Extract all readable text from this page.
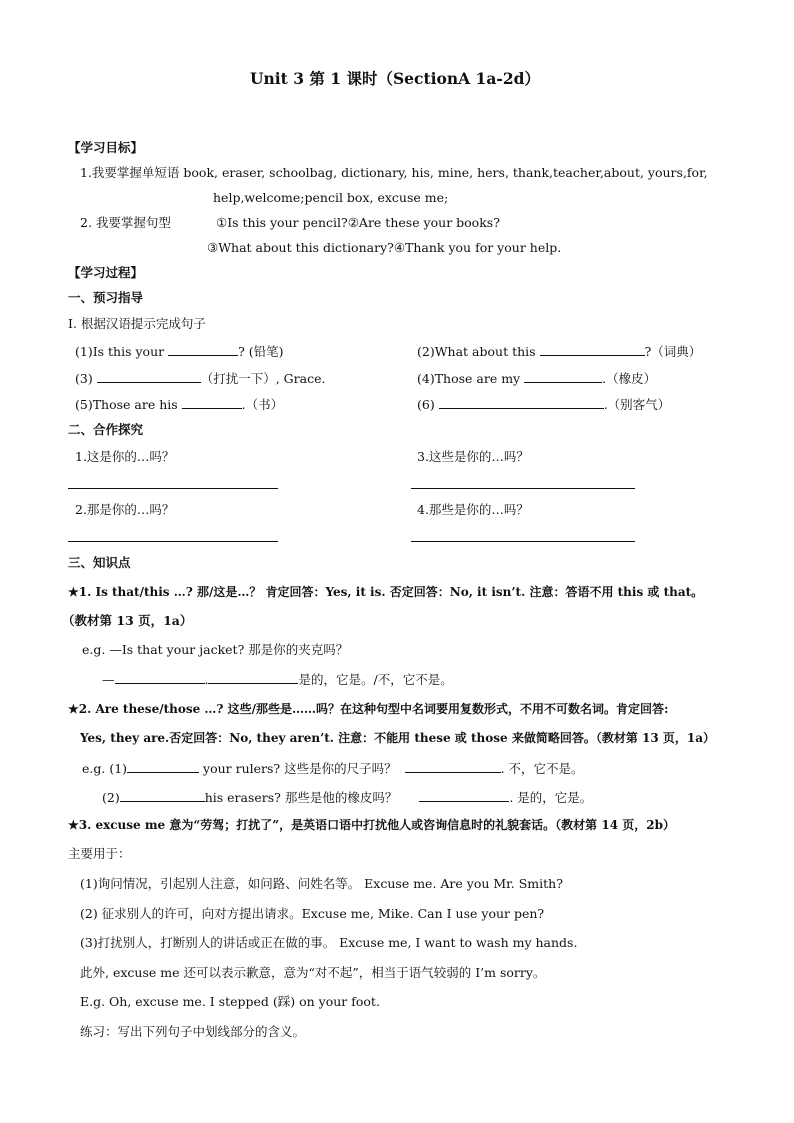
Unit 3 第 1 课时（SectionA 1a-2d）
【学习目标】
1.我要掌握单短语 book, eraser, schoolbag, dictionary, his, mine, hers, thank,teacher,about, yours,for,
help,welcome;pencil box, excuse me;
2. 我要掌握句型	①Is this your pencil?②Are these your books?
③What about this dictionary?④Thank you for your help.
【学习过程】
一、预习指导
I. 根据汉语提示完成句子
(1)Is this your	? (铅笔)	(2)What about this	?（词典）
(3)	（打扰一下）, Grace.	(4)Those are my	.（橡皮）
(5)Those are his	.（书）	(6)	.（别客气）
二、合作探究
1.这是你的…吗？	3.这些是你的…吗？
2.那是你的…吗？	4.那些是你的…吗？
三、知识点
★1. Is that/this …? 那/这是…？ 肯定回答：Yes, it is. 否定回答：No, it isn’t. 注意：答语不用 this 或 that。
（教材第 13 页，1a）
e.g. —Is that your jacket? 那是你的夹克吗？
—	.	是的，它是。/不，它不是。
★2. Are these/those …? 这些/那些是……吗？在这种句型中名词要用复数形式，不用不可数名词。肯定回答:
Yes, they are.否定回答：No, they aren’t. 注意：不能用 these 或 those 来做简略回答。（教材第 13 页，1a）
e.g. (1)	your rulers? 这些是你的尺子吗？	. 不，它不是。
(2)	his erasers? 那些是他的橡皮吗？	. 是的，它是。
★3. excuse me 意为“劳驾；打扰了”，是英语口语中打扰他人或咨询信息时的礼貌套话。（教材第 14 页，2b）
主要用于：
(1)询问情况，引起别人注意，如问路、问姓名等。 Excuse me. Are you Mr. Smith?
(2) 征求别人的许可，向对方提出请求。Excuse me, Mike. Can I use your pen?
(3)打扰别人，打断别人的讲话或正在做的事。 Excuse me, I want to wash my hands.
此外, excuse me 还可以表示歉意，意为“对不起”，相当于语气较弱的 I’m sorry。
E.g. Oh, excuse me. I stepped (踩) on your foot.
练习：写出下列句子中划线部分的含义。
